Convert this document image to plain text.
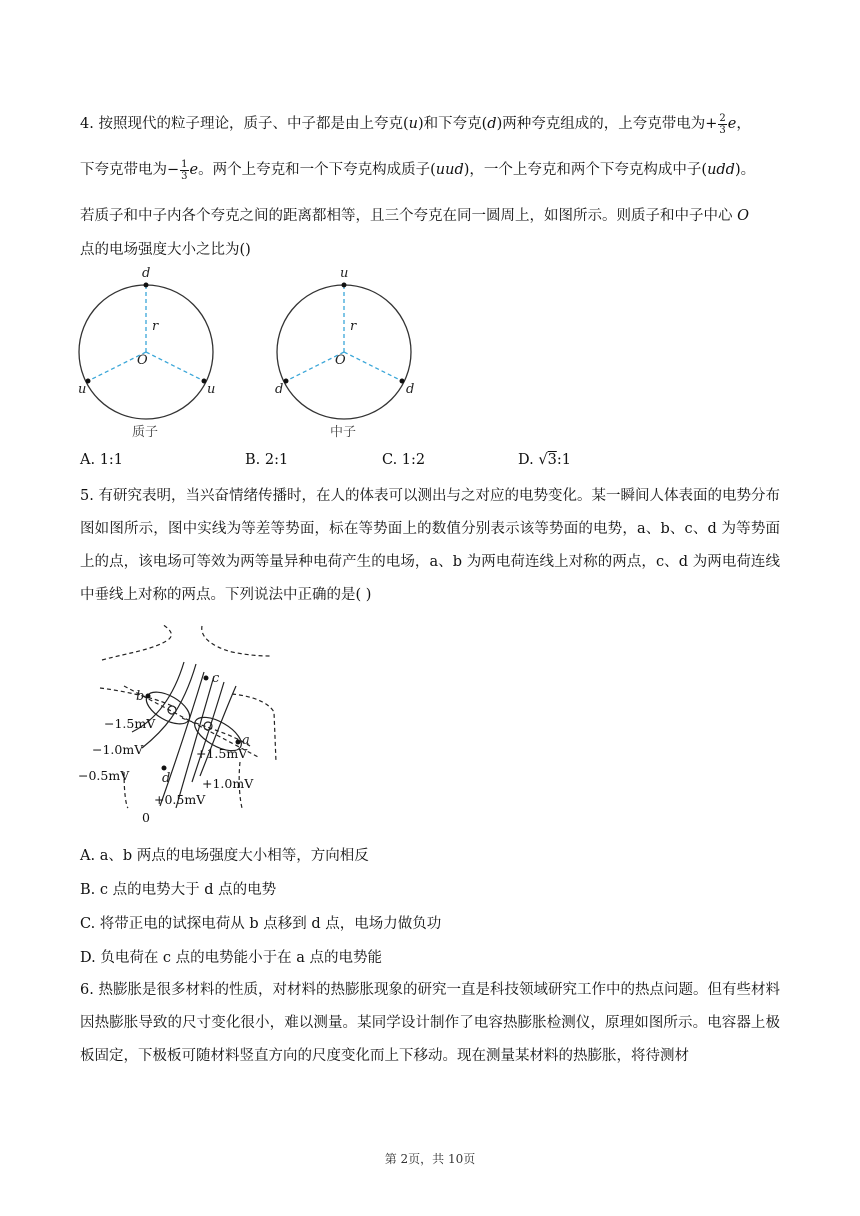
4. 按照现代的粒子理论，质子、中子都是由上夸克(u)和下夸克(d)两种夸克组成的，上夸克带电为+ $\frac{2}{3}$ e，
下夸克带电为− $\frac{1}{3}$ e。两个上夸克和一个下夸克构成质子(uud)，一个上夸克和两个下夸克构成中子(udd)。
若质子和中子内各个夸克之间的距离都相等，且三个夸克在同一圆周上，如图所示。则质子和中子中心 O
点的电场强度大小之比为()
d
r
O
u	u
质子
u
r
O
d	d
中子
A. 1:1	B. 2:1	C. 1:2	D. √3:1
5. 有研究表明，当兴奋情绪传播时，在人的体表可以测出与之对应的电势变化。某一瞬间人体表面的电势分布图如图所示，图中实线为等差等势面，标在等势面上的数值分别表示该等势面的电势，a、b、c、d 为等势面上的点，该电场可等效为两等量异种电荷产生的电场，a、b 为两电荷连线上对称的两点，c、d 为两电荷连线中垂线上对称的两点。下列说法中正确的是( )
b
a
c
d
−1.5mV
−1.0mV
−0.5mV
+1.5mV
+1.0mV
+0.5mV
0
A. a、b 两点的电场强度大小相等，方向相反
B. c 点的电势大于 d 点的电势
C. 将带正电的试探电荷从 b 点移到 d 点，电场力做负功
D. 负电荷在 c 点的电势能小于在 a 点的电势能
6. 热膨胀是很多材料的性质，对材料的热膨胀现象的研究一直是科技领域研究工作中的热点问题。但有些材料因热膨胀导致的尺寸变化很小，难以测量。某同学设计制作了电容热膨胀检测仪，原理如图所示。电容器上极板固定，下极板可随材料竖直方向的尺度变化而上下移动。现在测量某材料的热膨胀，将待测材
第 2页，共 10页
